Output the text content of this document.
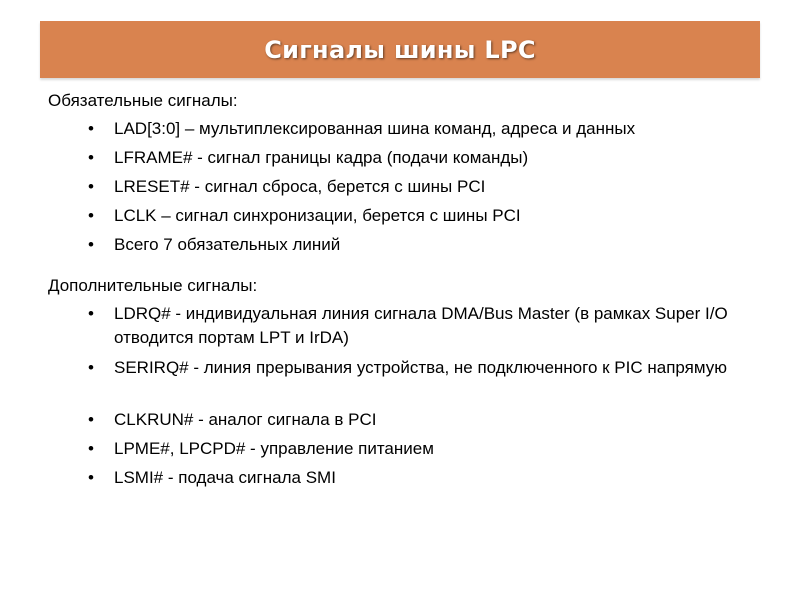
Сигналы шины LPC
Обязательные сигналы:
• LAD[3:0] – мультиплексированная шина команд, адреса и данных
• LFRAME# - сигнал границы кадра (подачи команды)
• LRESET# - сигнал сброса, берется с шины PCI
• LCLK – сигнал синхронизации, берется с шины PCI
• Всего 7 обязательных линий
Дополнительные сигналы:
• LDRQ# - индивидуальная линия сигнала DMA/Bus Master (в рамках Super I/O отводится портам LPT и IrDA)
• SERIRQ# - линия прерывания устройства, не подключенного к PIC напрямую
• CLKRUN# - аналог сигнала в PCI
• LPME#, LPCPD# - управление питанием
• LSMI# - подача сигнала SMI
